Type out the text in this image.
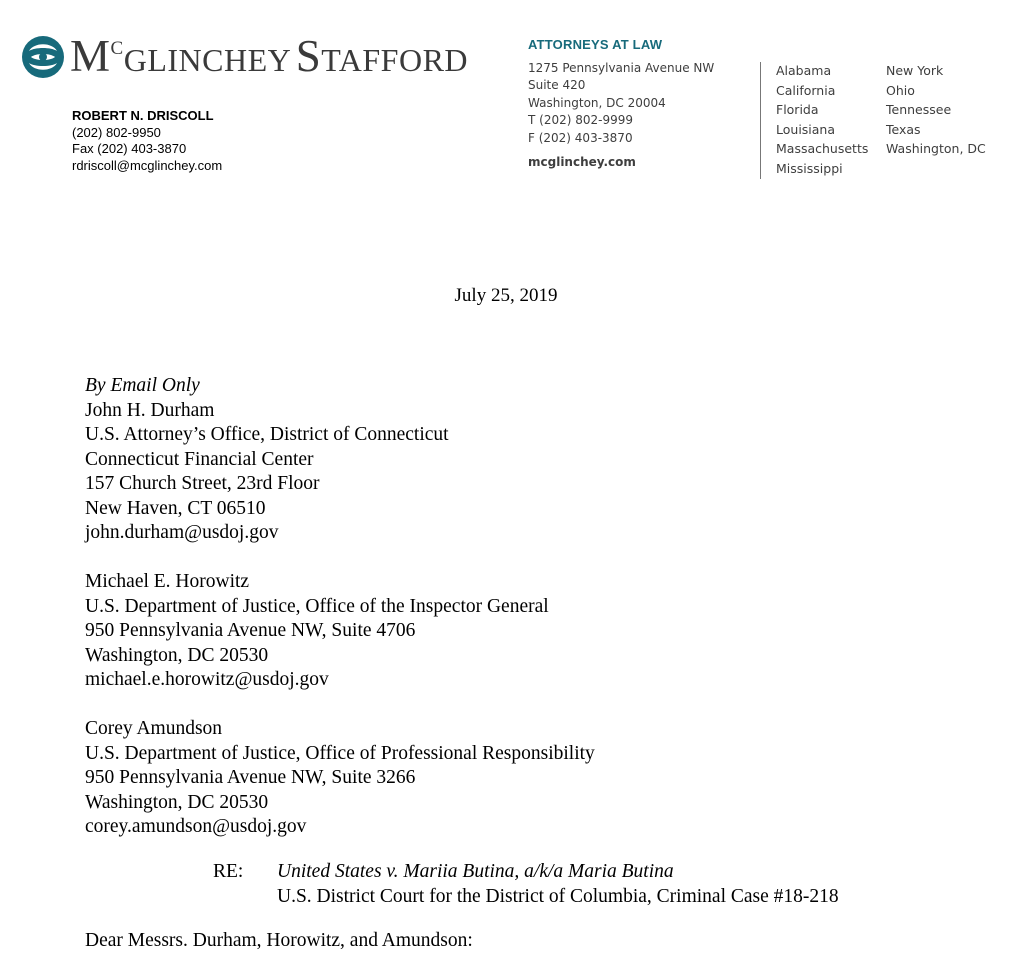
MCGLINCHEY STAFFORD
ROBERT N. DRISCOLL
(202) 802-9950
Fax (202) 403-3870
rdriscoll@mcglinchey.com
ATTORNEYS AT LAW
1275 Pennsylvania Avenue NW
Suite 420
Washington, DC 20004
T (202) 802-9999
F (202) 403-3870
mcglinchey.com
Alabama
California
Florida
Louisiana
Massachusetts
Mississippi
New York
Ohio
Tennessee
Texas
Washington, DC
July 25, 2019
By Email Only
John H. Durham
U.S. Attorney’s Office, District of Connecticut
Connecticut Financial Center
157 Church Street, 23rd Floor
New Haven, CT 06510
john.durham@usdoj.gov
Michael E. Horowitz
U.S. Department of Justice, Office of the Inspector General
950 Pennsylvania Avenue NW, Suite 4706
Washington, DC 20530
michael.e.horowitz@usdoj.gov
Corey Amundson
U.S. Department of Justice, Office of Professional Responsibility
950 Pennsylvania Avenue NW, Suite 3266
Washington, DC 20530
corey.amundson@usdoj.gov
RE: United States v. Mariia Butina, a/k/a Maria Butina
U.S. District Court for the District of Columbia, Criminal Case #18-218
Dear Messrs. Durham, Horowitz, and Amundson:
